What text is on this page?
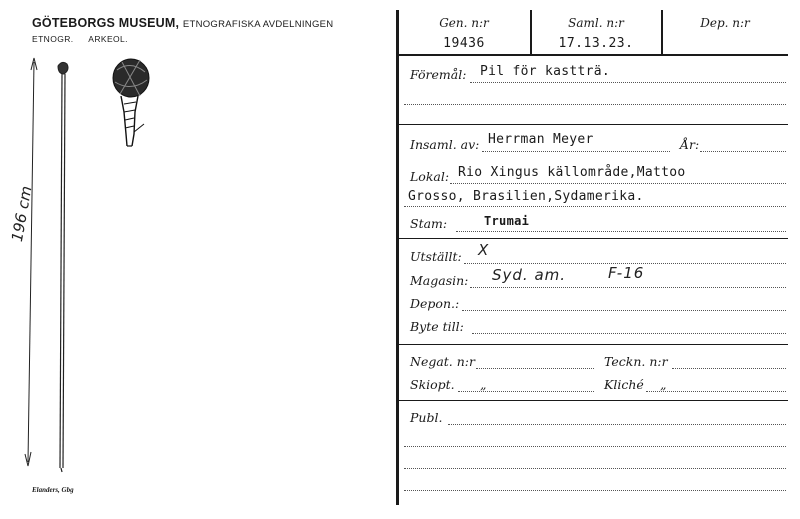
GÖTEBORGS MUSEUM, ETNOGRAFISKA AVDELNINGEN
ETNOGR. ARKEOL.
196 cm
Elanders, Gbg
Gen. n:r
19436
Saml. n:r
17.13.23.
Dep. n:r
Föremål: Pil för kastträ.
Insaml. av: Herrman Meyer	År:
Lokal: Rio Xingus källområde,Mattoo
Grosso, Brasilien,Sydamerika.
Stam:	Trumai
Utställt: X
Magasin: Syd. am.	F-16
Depon.:
Byte till:
Negat. n:r	Teckn. n:r
Skiopt. „	Kliché „
Publ.
